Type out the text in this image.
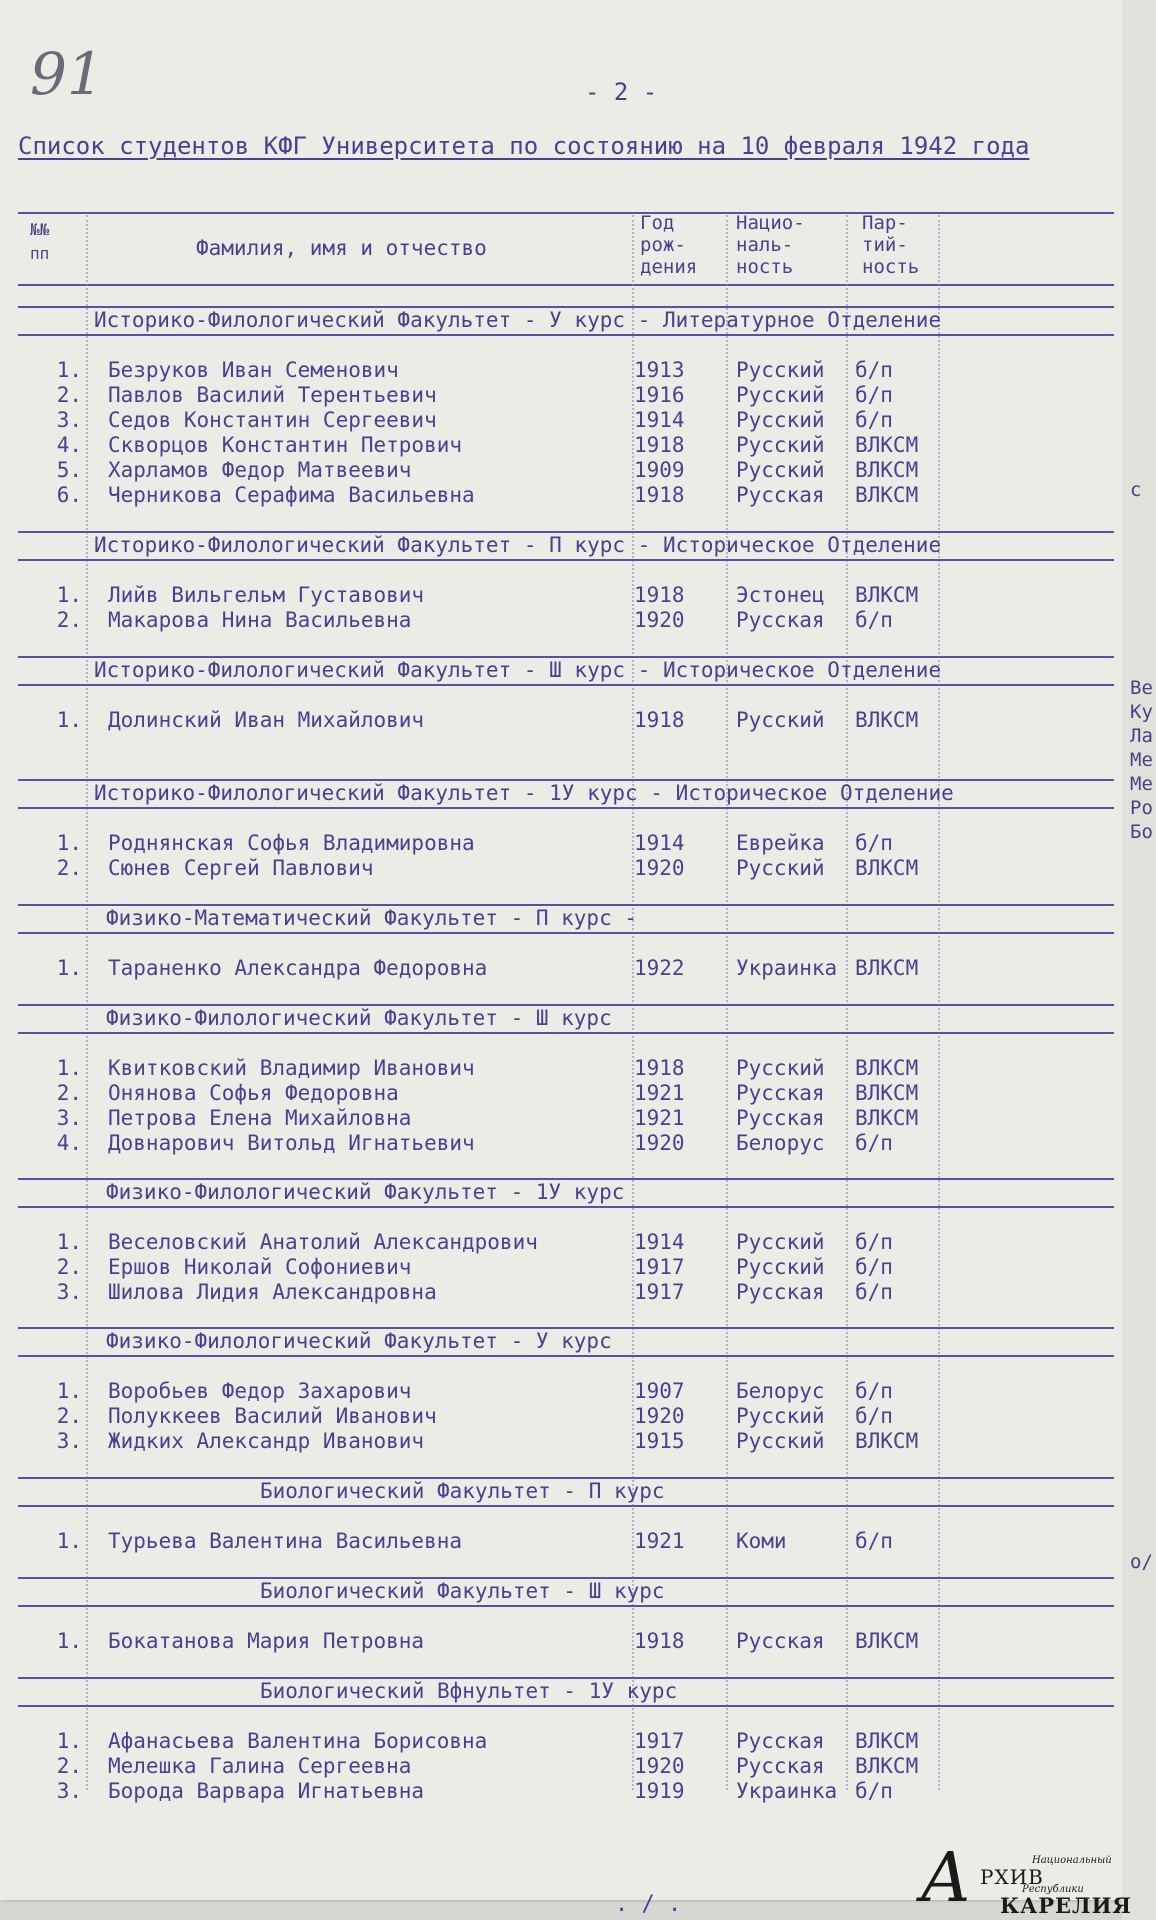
91	- 2 -
Список студентов КФГ Университета по состоянию на 10 февраля 1942 года
№№
пп	Фамилия, имя и отчество
Год
рож-
дения
Нацио-
наль-
ность
Пар-
тий-
ность
Историко-Филологический Факультет - У курс - Литературное Отделение
1. Безруков Иван Семенович	1913 Русский б/п
2. Павлов Василий Терентьевич	1916 Русский б/п
3. Седов Константин Сергеевич	1914 Русский б/п
4. Скворцов Константин Петрович	1918 Русский ВЛКСМ
5. Харламов Федор Матвеевич	1909 Русский ВЛКСМ
6. Черникова Серафима Васильевна	1918 Русская ВЛКСМ
Историко-Филологический Факультет - П курс - Историческое Отделение
1. Лийв Вильгельм Густавович	1918 Эстонец ВЛКСМ
2. Макарова Нина Васильевна	1920 Русская б/п
Историко-Филологический Факультет - Ш курс - Историческое Отделение
1. Долинский Иван Михайлович	1918 Русский ВЛКСМ
Историко-Филологический Факультет - 1У курс - Историческое Отделение
1. Роднянская Софья Владимировна	1914 Еврейка б/п
2. Сюнев Сергей Павлович	1920 Русский ВЛКСМ
Физико-Математический Факультет - П курс -
1. Тараненко Александра Федоровна	1922 Украинка ВЛКСМ
Физико-Филологический Факультет - Ш курс
1. Квитковский Владимир Иванович	1918 Русский ВЛКСМ
2. Онянова Софья Федоровна	1921 Русская ВЛКСМ
3. Петрова Елена Михайловна	1921 Русская ВЛКСМ
4. Довнарович Витольд Игнатьевич	1920 Белорус б/п
Физико-Филологический Факультет - 1У курс
1. Веселовский Анатолий Александрович	1914 Русский б/п
2. Ершов Николай Софониевич	1917 Русский б/п
3. Шилова Лидия Александровна	1917 Русская б/п
Физико-Филологический Факультет - У курс
1. Воробьев Федор Захарович	1907 Белорус б/п
2. Полуккеев Василий Иванович	1920 Русский б/п
3. Жидких Александр Иванович	1915 Русский ВЛКСМ
Биологический Факультет - П курс
1. Турьева Валентина Васильевна	1921 Коми	б/п
Биологический Факультет - Ш курс
1. Бокатанова Мария Петровна	1918 Русская ВЛКСМ
Биологический Вфнультет - 1У курс
1. Афанасьева Валентина Борисовна	1917 Русская ВЛКСМ
2. Мелешка Галина Сергеевна	1920 Русская ВЛКСМ
3. Борода Варвара Игнатьевна	1919 Украинка б/п
. / .
с
Ве
Ку
Ла
Ме
Ме
Ро
Бо
о/
А	Национальный
РХИВ
Республики
КАРЕЛИЯ
